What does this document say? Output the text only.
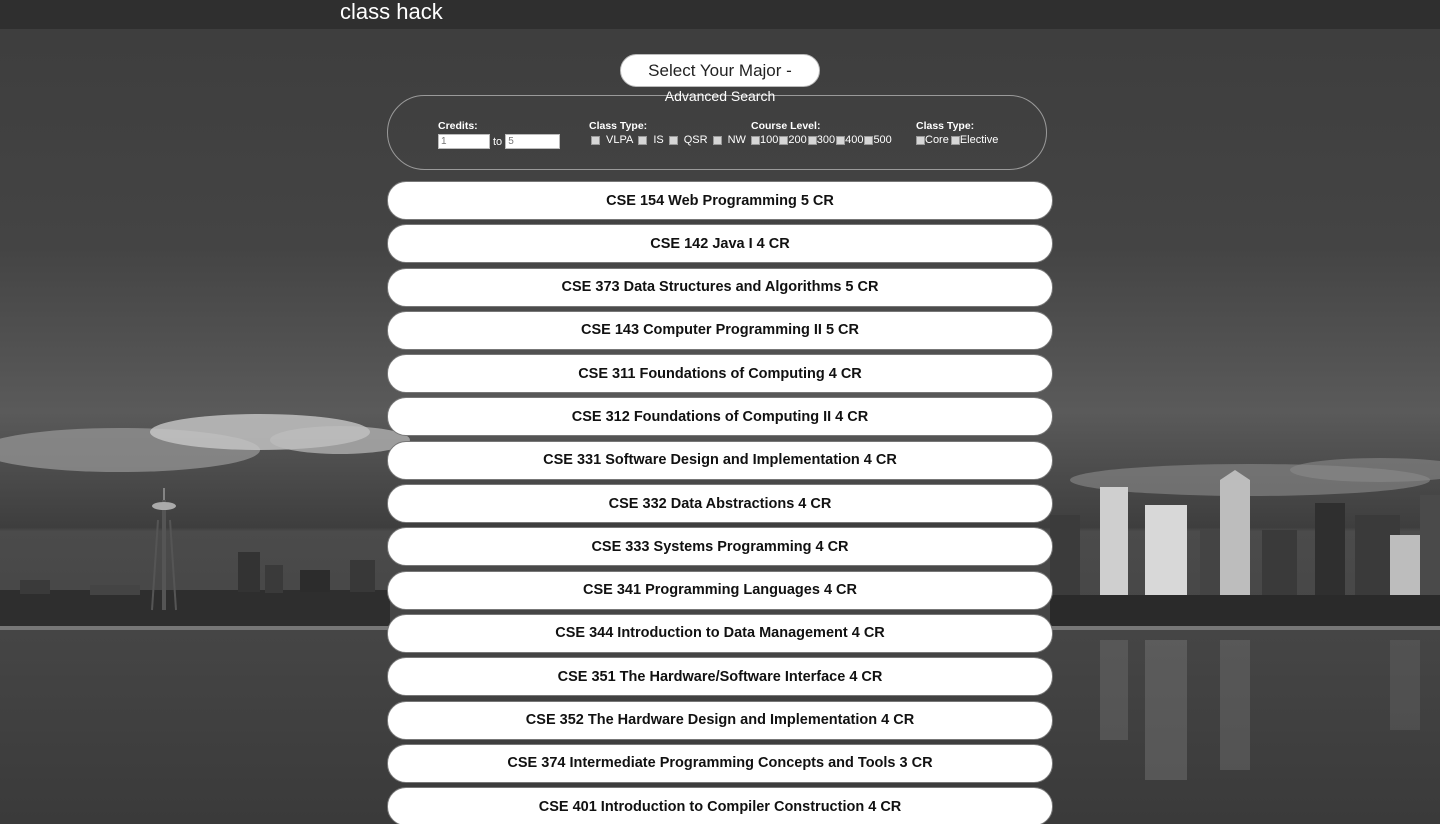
class hack
Select Your Major -
Advanced Search
Credits:
1
to
5
Class Type:
VLPA IS QSR NW
Course Level:
100 200 300 400 500
Class Type:
Core Elective
CSE 154 Web Programming 5 CR
CSE 142 Java I 4 CR
CSE 373 Data Structures and Algorithms 5 CR
CSE 143 Computer Programming II 5 CR
CSE 311 Foundations of Computing 4 CR
CSE 312 Foundations of Computing II 4 CR
CSE 331 Software Design and Implementation 4 CR
CSE 332 Data Abstractions 4 CR
CSE 333 Systems Programming 4 CR
CSE 341 Programming Languages 4 CR
CSE 344 Introduction to Data Management 4 CR
CSE 351 The Hardware/Software Interface 4 CR
CSE 352 The Hardware Design and Implementation 4 CR
CSE 374 Intermediate Programming Concepts and Tools 3 CR
CSE 401 Introduction to Compiler Construction 4 CR
